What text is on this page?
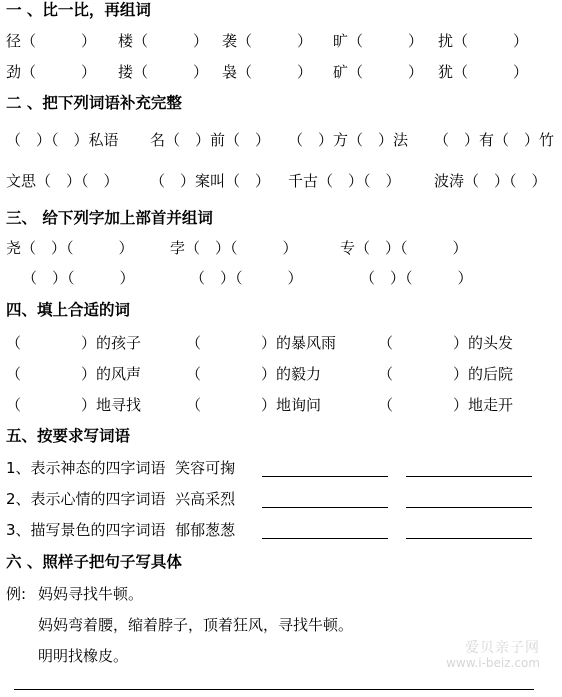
一 、比一比，再组词
径（　　　） 楼（　　　） 袭（　　　） 旷（　　　） 扰（　　　）
劲（　　　） 搂（　　　） 袅（　　　） 矿（　　　） 犹（　　　）
二 、把下列词语补充完整
（　）（　）私语 名（　）前（　） （　）方（　）法 （　）有（　）竹
文思（　）（　） （　）案叫（　） 千古（　）（　） 波涛（　）（　）
三、 给下列字加上部首并组词
尧（　）（　　　） 孛（　）（　　　）	专（　）（　　　）
（　）（　　　）	（　）（　　　）	（　）（　　　）
四、填上合适的词
（　　　　）的孩子	（　　　　）的暴风雨	（　　　　）的头发
（　　　　）的风声	（　　　　）的毅力	（　　　　）的后院
（　　　　）地寻找	（　　　　）地询问	（　　　　）地走开
五、按要求写词语
1、表示神态的四字词语  笑容可掬
2、表示心情的四字词语  兴高采烈
3、描写景色的四字词语  郁郁葱葱
六 、照样子把句子写具体
例: 妈妈寻找牛顿。
妈妈弯着腰，缩着脖子，顶着狂风，寻找牛顿。
明明找橡皮。	爱贝亲子网
www.i-beiz.com
